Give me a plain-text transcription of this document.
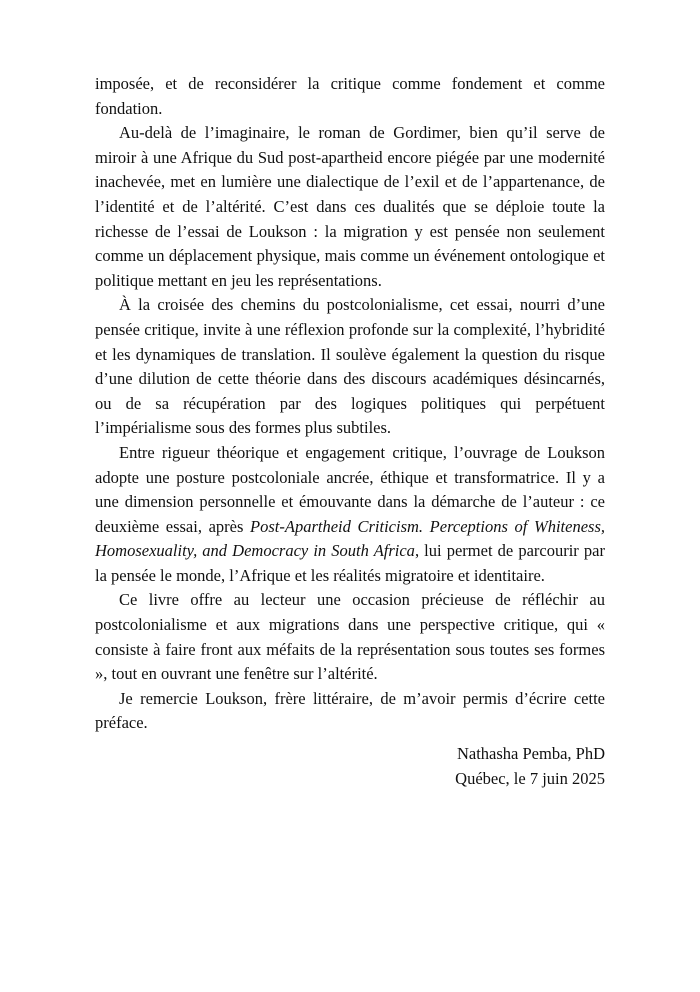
imposée, et de reconsidérer la critique comme fondement et comme fondation.

Au-delà de l’imaginaire, le roman de Gordimer, bien qu’il serve de miroir à une Afrique du Sud post-apartheid encore piégée par une modernité inachevée, met en lumière une dialectique de l’exil et de l’appartenance, de l’identité et de l’altérité. C’est dans ces dualités que se déploie toute la richesse de l’essai de Loukson : la migration y est pensée non seulement comme un déplacement physique, mais comme un événement ontologique et politique mettant en jeu les représentations.

À la croisée des chemins du postcolonialisme, cet essai, nourri d’une pensée critique, invite à une réflexion profonde sur la complexité, l’hybridité et les dynamiques de translation. Il soulève également la question du risque d’une dilution de cette théorie dans des discours académiques désincarnés, ou de sa récupération par des logiques politiques qui perpétuent l’impérialisme sous des formes plus subtiles.

Entre rigueur théorique et engagement critique, l’ouvrage de Loukson adopte une posture postcoloniale ancrée, éthique et transformatrice. Il y a une dimension personnelle et émouvante dans la démarche de l’auteur : ce deuxième essai, après Post-Apartheid Criticism. Perceptions of Whiteness, Homosexuality, and Democracy in South Africa, lui permet de parcourir par la pensée le monde, l’Afrique et les réalités migratoire et identitaire.

Ce livre offre au lecteur une occasion précieuse de réfléchir au postcolonialisme et aux migrations dans une perspective critique, qui « consiste à faire front aux méfaits de la représentation sous toutes ses formes », tout en ouvrant une fenêtre sur l’altérité.

Je remercie Loukson, frère littéraire, de m’avoir permis d’écrire cette préface.

Nathasha Pemba, PhD
Québec, le 7 juin 2025
